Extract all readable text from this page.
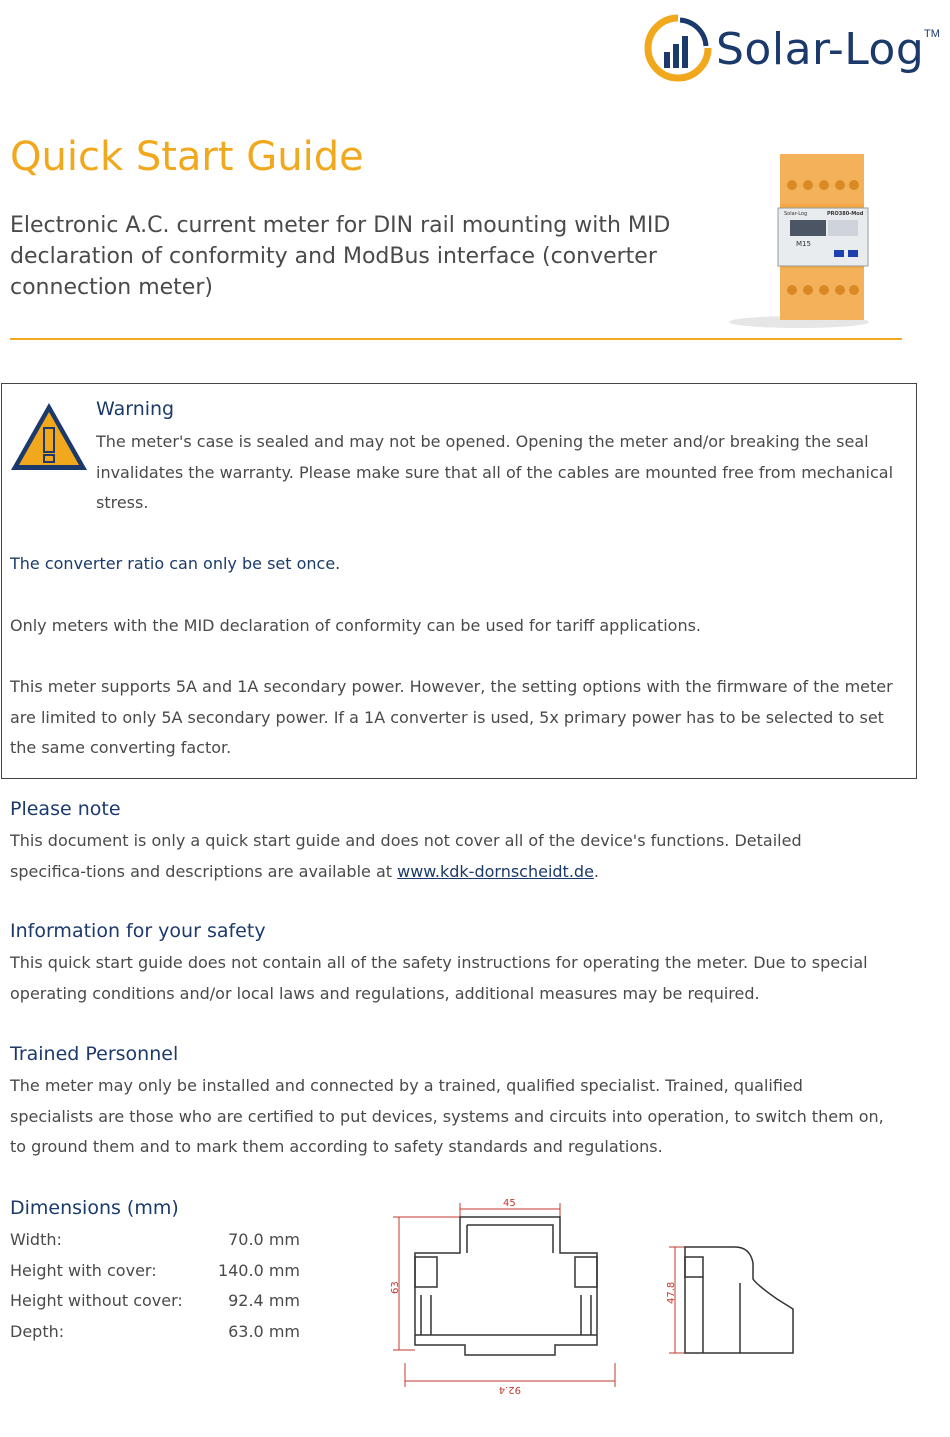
Solar-Log TM
Quick Start Guide

Electronic A.C. current meter for DIN rail mounting with MID declaration of conformity and ModBus interface (converter connection meter)

Solar-Log	PRO380-Mod
M15
Warning
The meter's case is sealed and may not be opened. Opening the meter and/or breaking the seal invalidates the warranty. Please make sure that all of the cables are mounted free from mechanical stress.
The converter ratio can only be set once.
Only meters with the MID declaration of conformity can be used for tariff applications.
This meter supports 5A and 1A secondary power. However, the setting options with the firmware of the meter are limited to only 5A secondary power. If a 1A converter is used, 5x primary power has to be selected to set the same converting factor.
Please note
This document is only a quick start guide and does not cover all of the device's functions. Detailed specifica-tions and descriptions are available at www.kdk-dornscheidt.de.
Information for your safety
This quick start guide does not contain all of the safety instructions for operating the meter. Due to special operating conditions and/or local laws and regulations, additional measures may be required.
Trained Personnel
The meter may only be installed and connected by a trained, qualified specialist. Trained, qualified specialists are those who are certified to put devices, systems and circuits into operation, to switch them on, to ground them and to mark them according to safety standards and regulations.
Dimensions (mm)
Width:	70.0 mm
Height with cover:	140.0 mm
Height without cover:	92.4 mm
Depth:	63.0 mm
45
63
92.4
47.8
